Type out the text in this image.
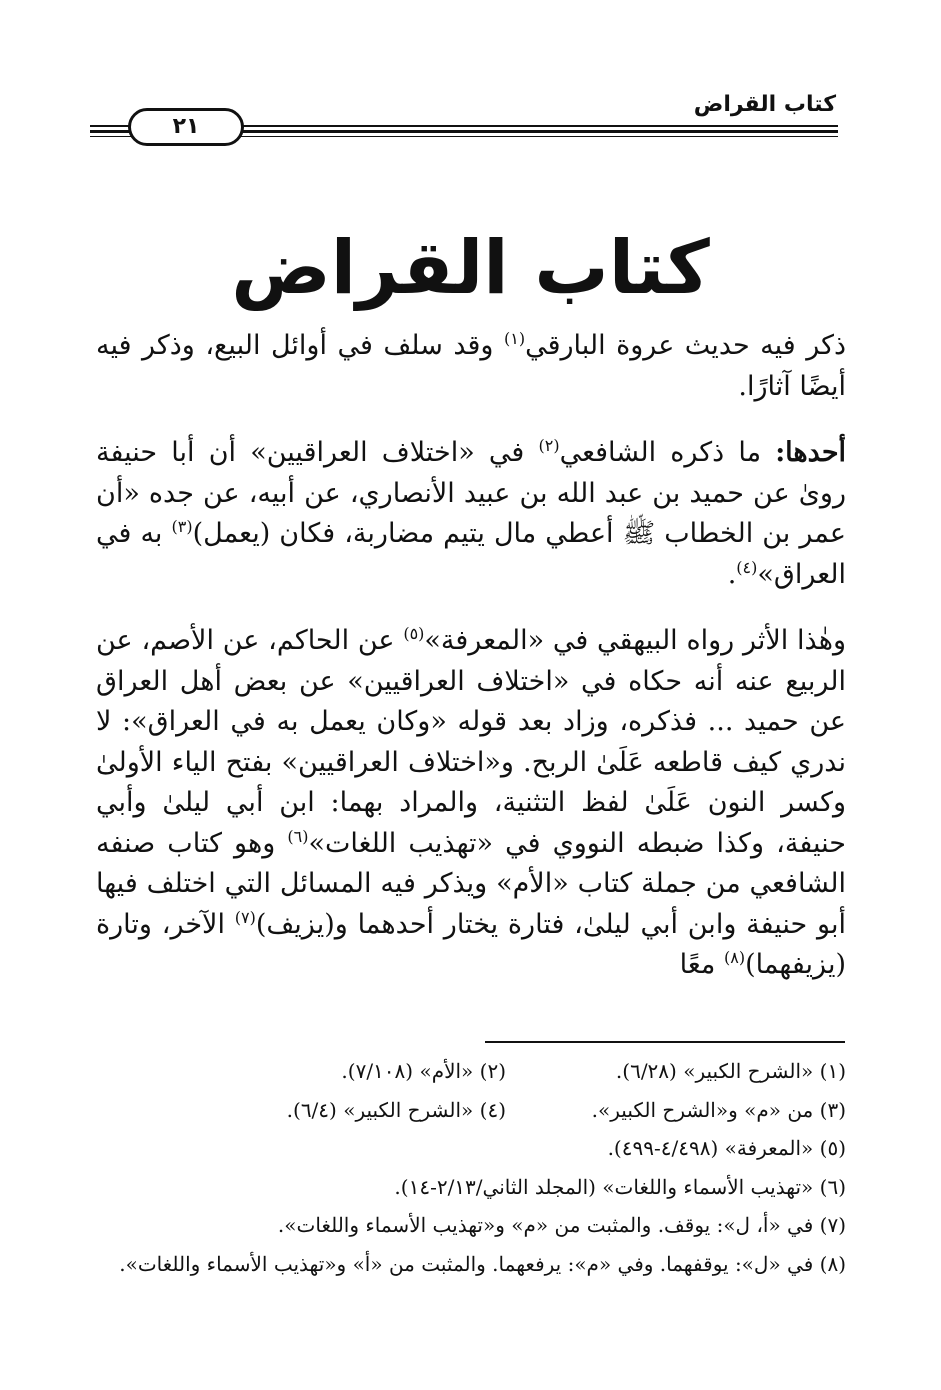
كتاب القراض
٢١
كتاب القراض

ذكر فيه حديث عروة البارقي$^{(١)}$ وقد سلف في أوائل البيع، وذكر فيه أيضًا آثارًا.

أحدها: ما ذكره الشافعي$^{(٢)}$ في «اختلاف العراقيين» أن أبا حنيفة روىٰ عن حميد بن عبد الله بن عبيد الأنصاري، عن أبيه، عن جده «أن عمر بن الخطاب ﷺ أعطي مال يتيم مضاربة، فكان (يعمل)$^{(٣)}$ به في العراق»$^{(٤)}$.

وهٰذا الأثر رواه البيهقي في «المعرفة»$^{(٥)}$ عن الحاكم، عن الأصم، عن الربيع عنه أنه حكاه في «اختلاف العراقيين» عن بعض أهل العراق عن حميد ... فذكره، وزاد بعد قوله «وكان يعمل به في العراق»: لا ندري كيف قاطعه عَلَىٰ الربح. و«اختلاف العراقيين» بفتح الياء الأولىٰ وكسر النون عَلَىٰ لفظ التثنية، والمراد بهما: ابن أبي ليلىٰ وأبي حنيفة، وكذا ضبطه النووي في «تهذيب اللغات»$^{(٦)}$ وهو كتاب صنفه الشافعي من جملة كتاب «الأم» ويذكر فيه المسائل التي اختلف فيها أبو حنيفة وابن أبي ليلىٰ، فتارة يختار أحدهما و(يزيف)$^{(٧)}$ الآخر، وتارة (يزيفهما)$^{(٨)}$ معًا

(١) «الشرح الكبير» (٦/٢٨).
(٢) «الأم» (٧/١٠٨).
(٣) من «م» و«الشرح الكبير».
(٤) «الشرح الكبير» (٦/٤).
(٥) «المعرفة» (٤/٤٩٨-٤٩٩).
(٦) «تهذيب الأسماء واللغات» (المجلد الثاني/٢/١٣-١٤).
(٧) في «أ، ل»: يوقف. والمثبت من «م» و«تهذيب الأسماء واللغات».
(٨) في «ل»: يوقفهما. وفي «م»: يرفعهما. والمثبت من «أ» و«تهذيب الأسماء واللغات».
